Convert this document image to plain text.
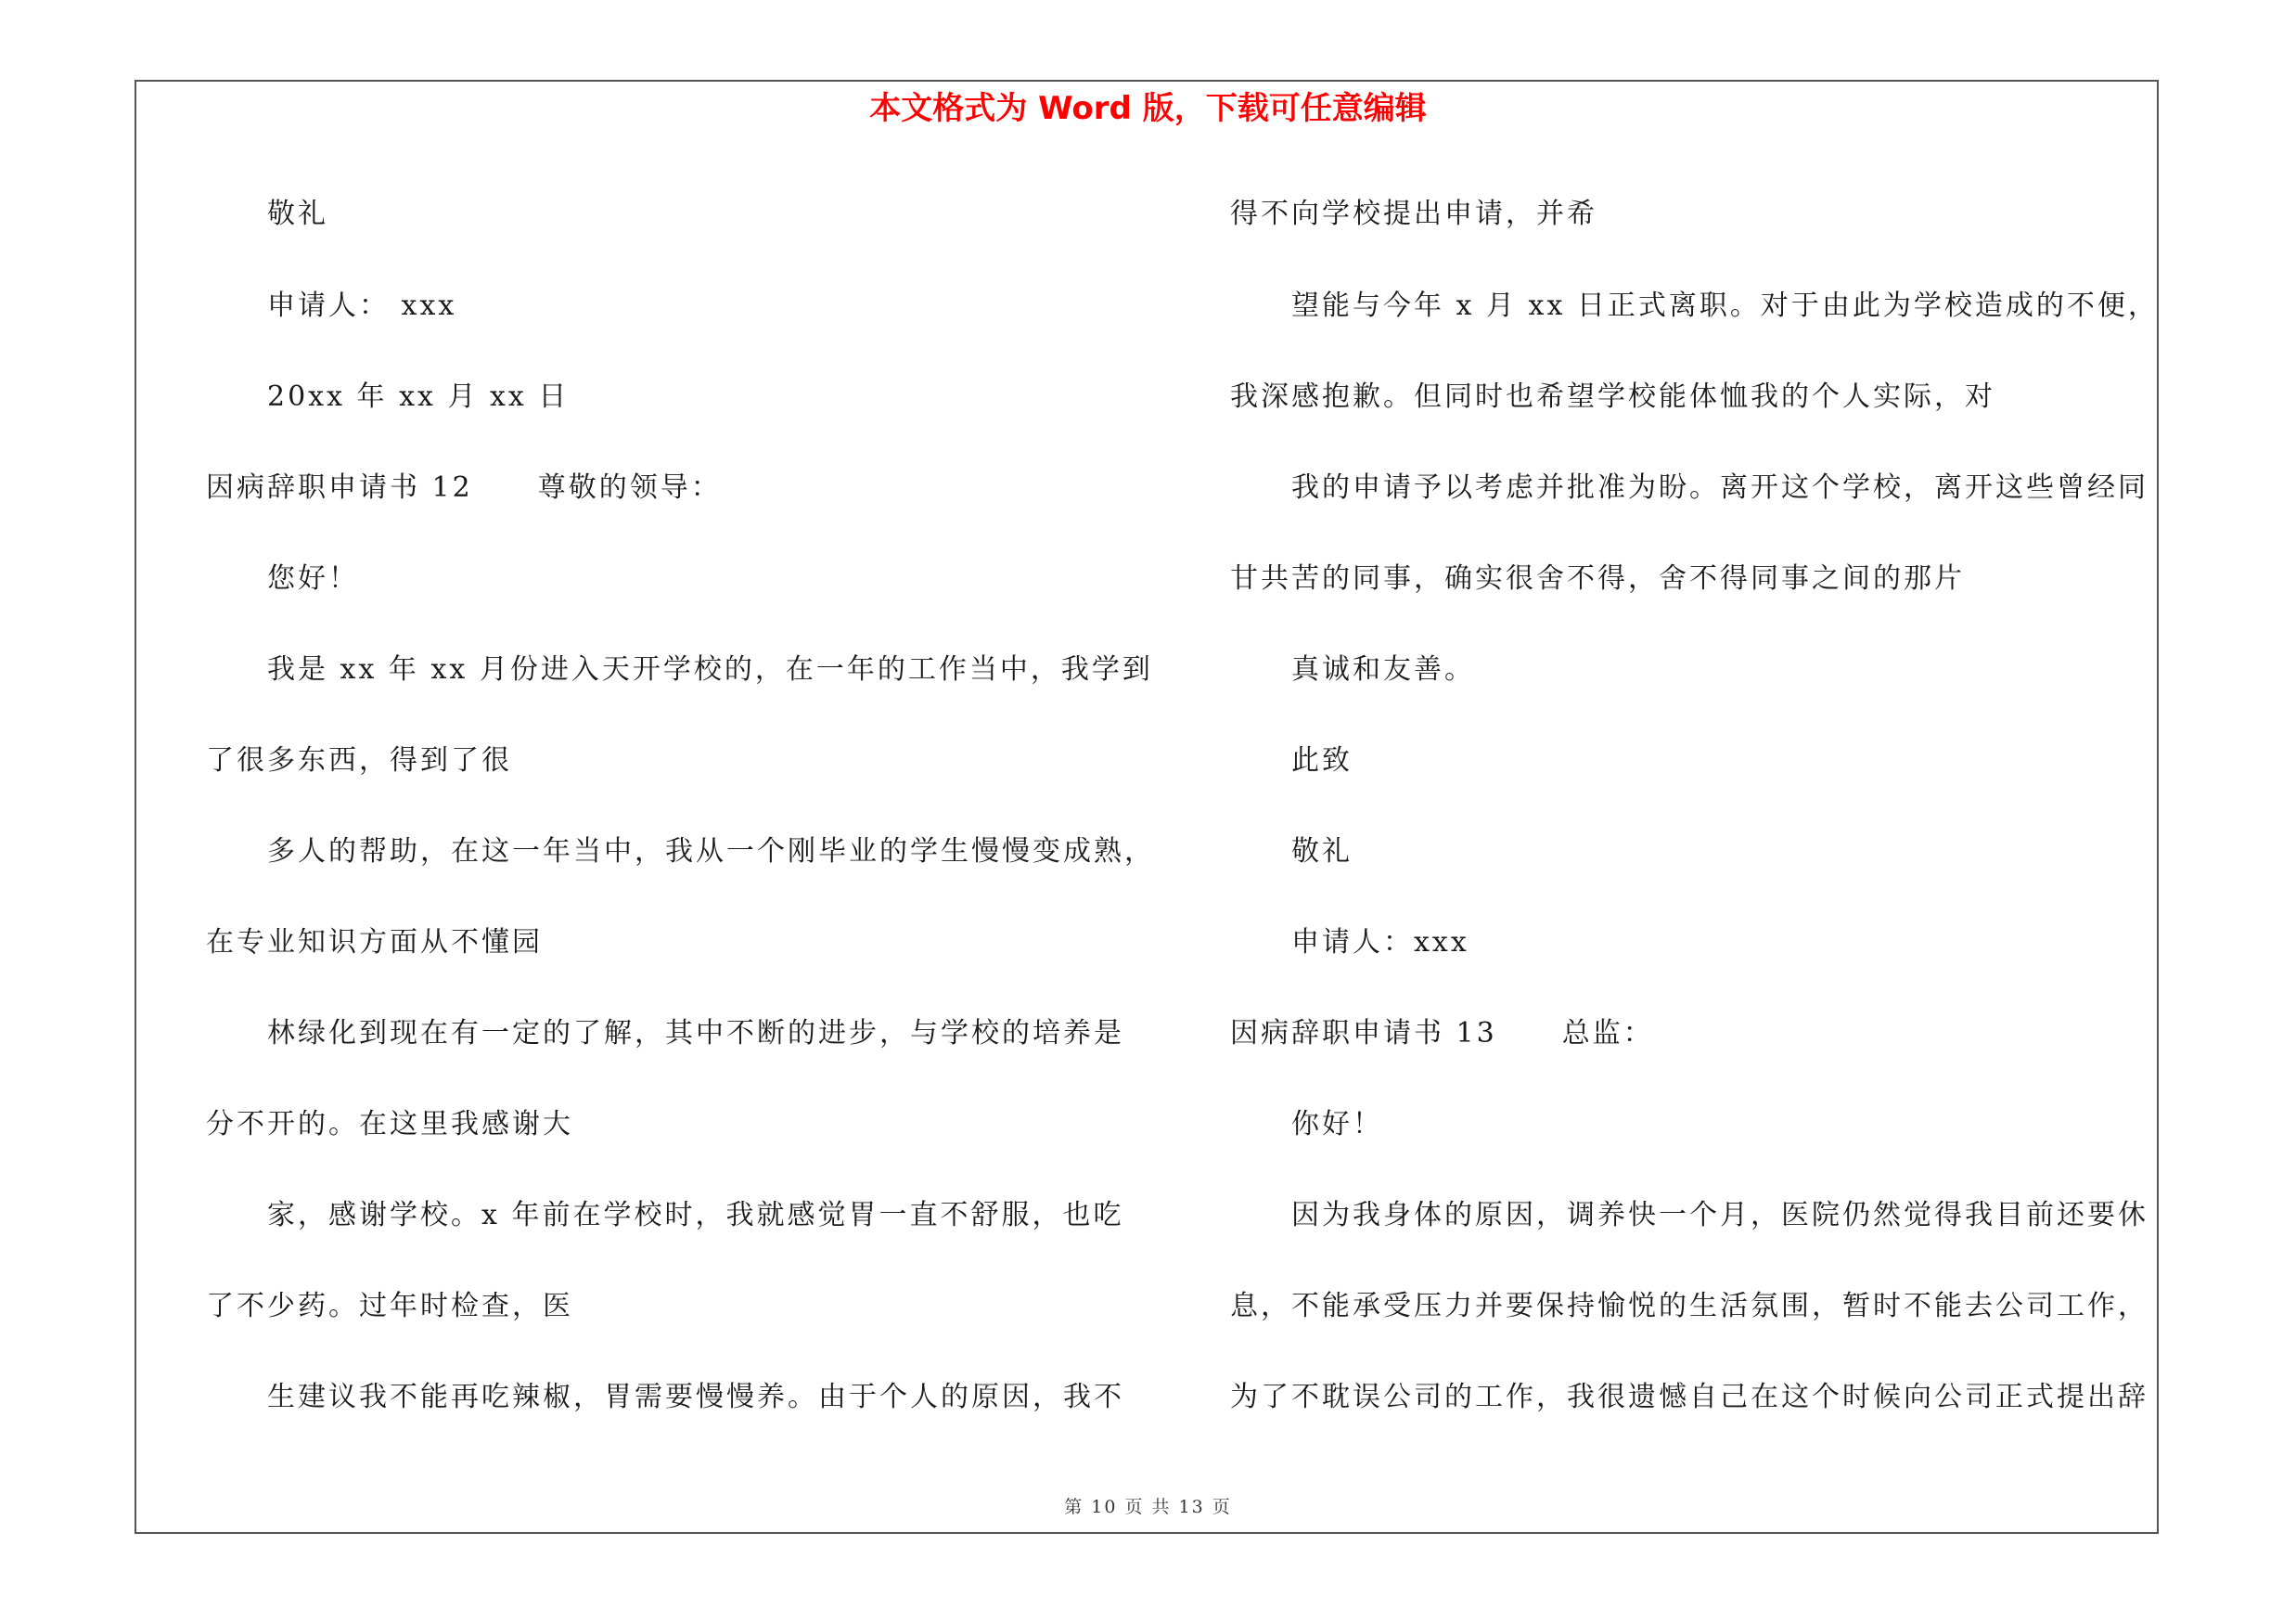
本文格式为 Word 版，下载可任意编辑
敬礼
申请人： xxx
20xx 年 xx 月 xx 日
因病辞职申请书 12 尊敬的领导：
您好！
我是 xx 年 xx 月份进入天开学校的，在一年的工作当中，我学到
了很多东西，得到了很
多人的帮助，在这一年当中，我从一个刚毕业的学生慢慢变成熟，
在专业知识方面从不懂园
林绿化到现在有一定的了解，其中不断的进步，与学校的培养是
分不开的。在这里我感谢大
家，感谢学校。x 年前在学校时，我就感觉胃一直不舒服，也吃
了不少药。过年时检查，医
生建议我不能再吃辣椒，胃需要慢慢养。由于个人的原因，我不
得不向学校提出申请，并希
望能与今年 x 月 xx 日正式离职。对于由此为学校造成的不便，
我深感抱歉。但同时也希望学校能体恤我的个人实际，对
我的申请予以考虑并批准为盼。离开这个学校，离开这些曾经同
甘共苦的同事，确实很舍不得，舍不得同事之间的那片
真诚和友善。
此致
敬礼
申请人：xxx
因病辞职申请书 13 总监：
你好！
因为我身体的原因，调养快一个月，医院仍然觉得我目前还要休
息，不能承受压力并要保持愉悦的生活氛围，暂时不能去公司工作，
为了不耽误公司的工作，我很遗憾自己在这个时候向公司正式提出辞
第 10 页 共 13 页
